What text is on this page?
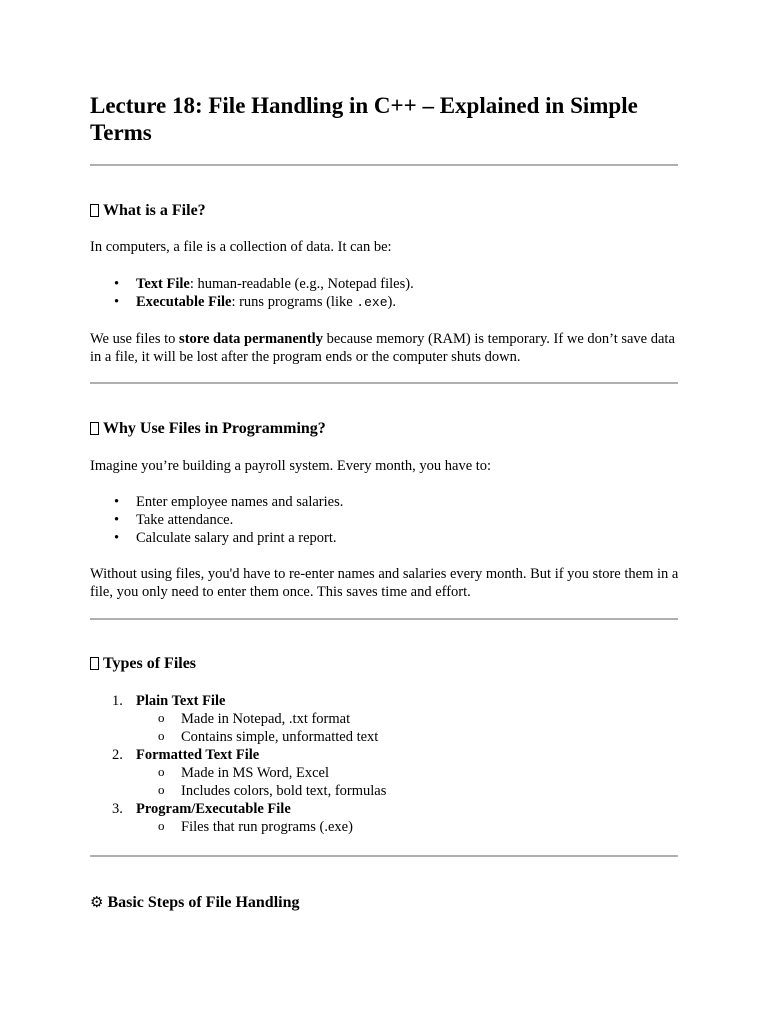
Lecture 18: File Handling in C++ – Explained in Simple Terms
What is a File?

In computers, a file is a collection of data. It can be:

• Text File: human-readable (e.g., Notepad files).
• Executable File: runs programs (like .exe).

We use files to store data permanently because memory (RAM) is temporary. If we don’t save data in a file, it will be lost after the program ends or the computer shuts down.

Why Use Files in Programming?

Imagine you’re building a payroll system. Every month, you have to:

• Enter employee names and salaries.
• Take attendance.
• Calculate salary and print a report.

Without using files, you'd have to re-enter names and salaries every month. But if you store them in a file, you only need to enter them once. This saves time and effort.

Types of Files
1. Plain Text File
o Made in Notepad, .txt format
o Contains simple, unformatted text
2. Formatted Text File
o Made in MS Word, Excel
o Includes colors, bold text, formulas
3. Program/Executable File
o Files that run programs (.exe)
⚙ Basic Steps of File Handling
